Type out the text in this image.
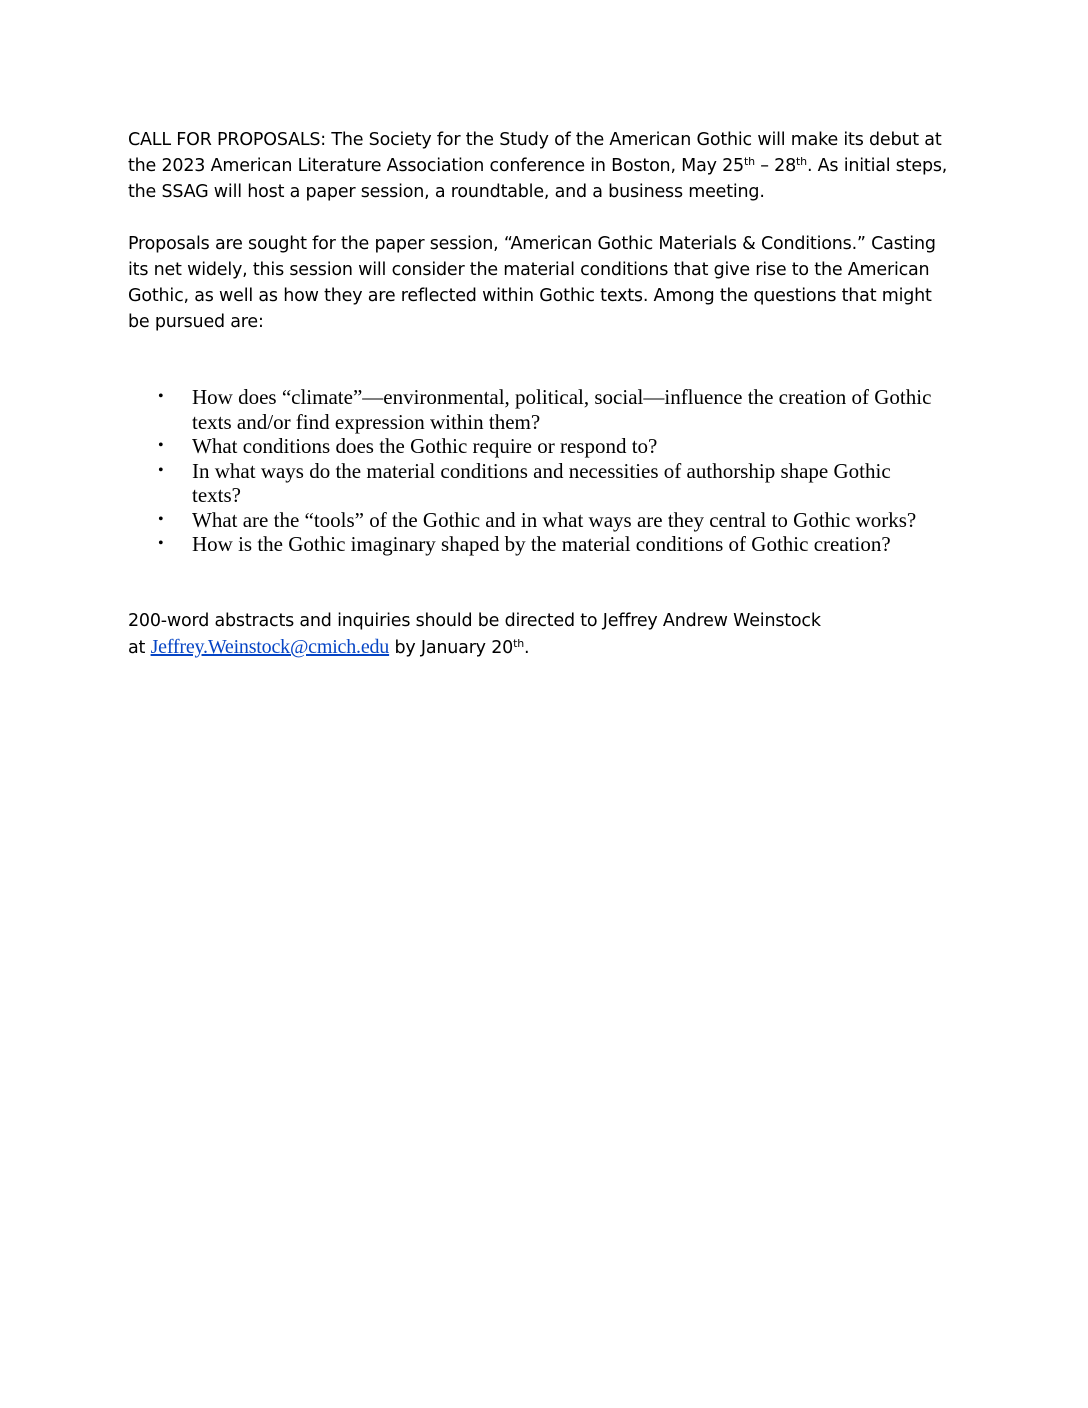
CALL FOR PROPOSALS: The Society for the Study of the American Gothic will make its debut at
the 2023 American Literature Association conference in Boston, May 25th – 28th. As initial steps,
the SSAG will host a paper session, a roundtable, and a business meeting.
Proposals are sought for the paper session, “American Gothic Materials & Conditions.” Casting
its net widely, this session will consider the material conditions that give rise to the American
Gothic, as well as how they are reflected within Gothic texts. Among the questions that might
be pursued are:
• How does “climate”—environmental, political, social—influence the creation of Gothic
texts and/or find expression within them?
• What conditions does the Gothic require or respond to?
• In what ways do the material conditions and necessities of authorship shape Gothic
texts?
• What are the “tools” of the Gothic and in what ways are they central to Gothic works?
• How is the Gothic imaginary shaped by the material conditions of Gothic creation?
200-word abstracts and inquiries should be directed to Jeffrey Andrew Weinstock
at Jeffrey.Weinstock@cmich.edu by January 20th.
